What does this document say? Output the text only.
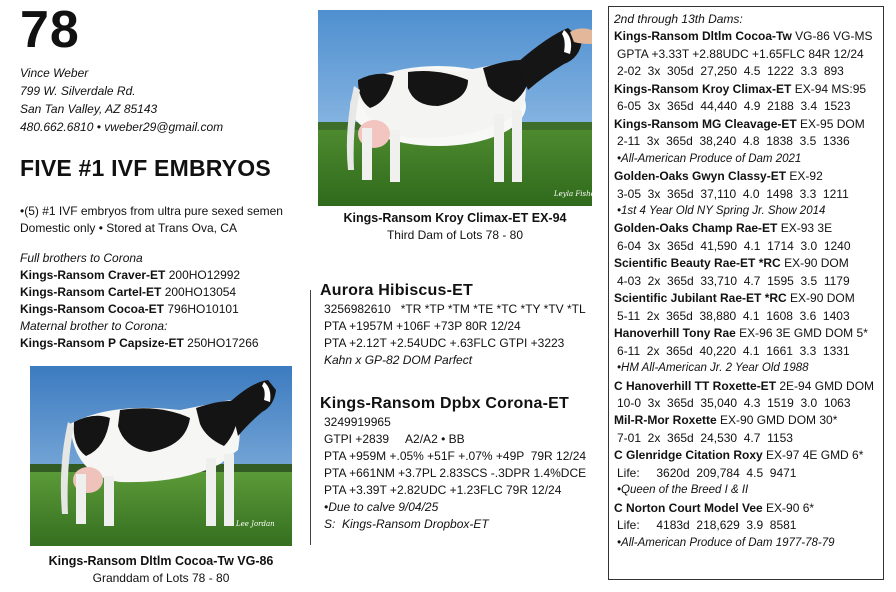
78
Vince Weber
799 W. Silverdale Rd.
San Tan Valley, AZ 85143
480.662.6810 • vweber29@gmail.com
FIVE #1 IVF EMBRYOS
•(5) #1 IVF embryos from ultra pure sexed semen
Domestic only • Stored at Trans Ova, CA
Full brothers to Corona
Kings-Ransom Craver-ET 200HO12992
Kings-Ransom Cartel-ET 200HO13054
Kings-Ransom Cocoa-ET 796HO10101
Maternal brother to Corona:
Kings-Ransom P Capsize-ET 250HO17266
Leyla Fisher
Kings-Ransom Kroy Climax-ET EX-94
Third Dam of Lots 78 - 80
Lee Jordan
Kings-Ransom Dltlm Cocoa-Tw VG-86
Granddam of Lots 78 - 80
Aurora Hibiscus-ET
3256982610   *TR *TP *TM *TE *TC *TY *TV *TL
PTA +1957M +106F +73P 80R 12/24
PTA +2.12T +2.54UDC +.63FLC GTPI +3223
Kahn x GP-82 DOM Parfect
Kings-Ransom Dpbx Corona-ET
3249919965
GTPI +2839     A2/A2 • BB
PTA +959M +.05% +51F +.07% +49P  79R 12/24
PTA +661NM +3.7PL 2.83SCS -.3DPR 1.4%DCE
PTA +3.39T +2.82UDC +1.23FLC 79R 12/24
•Due to calve 9/04/25
S:  Kings-Ransom Dropbox-ET
2nd through 13th Dams:
Kings-Ransom Dltlm Cocoa-Tw VG-86 VG-MS
GPTA +3.33T +2.88UDC +1.65FLC 84R 12/24
2-02  3x  305d  27,250  4.5  1222  3.3  893
Kings-Ransom Kroy Climax-ET EX-94 MS:95
6-05  3x  365d  44,440  4.9  2188  3.4  1523
Kings-Ransom MG Cleavage-ET EX-95 DOM
2-11  3x  365d  38,240  4.8  1838  3.5  1336
•All-American Produce of Dam 2021
Golden-Oaks Gwyn Classy-ET EX-92
3-05  3x  365d  37,110  4.0  1498  3.3  1211
•1st 4 Year Old NY Spring Jr. Show 2014
Golden-Oaks Champ Rae-ET EX-93 3E
6-04  3x  365d  41,590  4.1  1714  3.0  1240
Scientific Beauty Rae-ET *RC EX-90 DOM
4-03  2x  365d  33,710  4.7  1595  3.5  1179
Scientific Jubilant Rae-ET *RC EX-90 DOM
5-11  2x  365d  38,880  4.1  1608  3.6  1403
Hanoverhill Tony Rae EX-96 3E GMD DOM 5*
6-11  2x  365d  40,220  4.1  1661  3.3  1331
•HM All-American Jr. 2 Year Old 1988
C Hanoverhill TT Roxette-ET 2E-94 GMD DOM
10-0  3x  365d  35,040  4.3  1519  3.0  1063
Mil-R-Mor Roxette EX-90 GMD DOM 30*
7-01  2x  365d  24,530  4.7  1153
C Glenridge Citation Roxy EX-97 4E GMD 6*
Life:     3620d  209,784  4.5  9471
•Queen of the Breed I & II
C Norton Court Model Vee EX-90 6*
Life:     4183d  218,629  3.9  8581
•All-American Produce of Dam 1977-78-79
